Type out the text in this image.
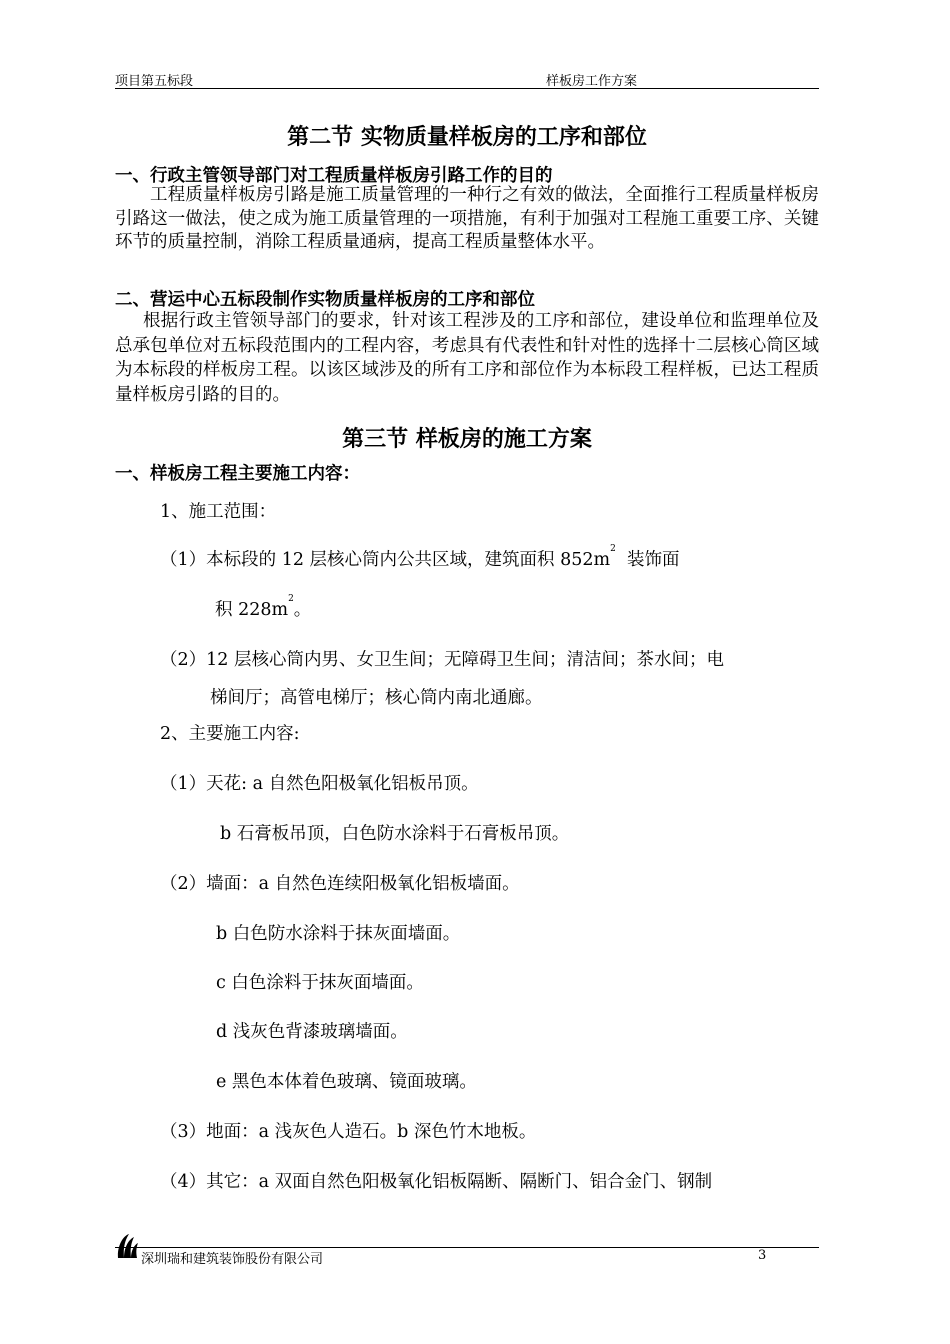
项目第五标段	样板房工作方案
第二节 实物质量样板房的工序和部位
一、行政主管领导部门对工程质量样板房引路工作的目的
工程质量样板房引路是施工质量管理的一种行之有效的做法，全面推行工程质量样板房引路这一做法，使之成为施工质量管理的一项措施，有利于加强对工程施工重要工序、关键环节的质量控制，消除工程质量通病，提高工程质量整体水平。
二、营运中心五标段制作实物质量样板房的工序和部位
根据行政主管领导部门的要求，针对该工程涉及的工序和部位，建设单位和监理单位及总承包单位对五标段范围内的工程内容，考虑具有代表性和针对性的选择十二层核心筒区域为本标段的样板房工程。以该区域涉及的所有工序和部位作为本标段工程样板，已达工程质量样板房引路的目的。
第三节 样板房的施工方案
一、样板房工程主要施工内容：
1、施工范围：
（1）本标段的 12 层核心筒内公共区域，建筑面积 $852m^2$  装饰面
积 $228m^2$。
（2）12 层核心筒内男、女卫生间；无障碍卫生间；清洁间；茶水间；电
梯间厅；高管电梯厅；核心筒内南北通廊。
2、主要施工内容:
（1）天花: a 自然色阳极氧化铝板吊顶。
b 石膏板吊顶，白色防水涂料于石膏板吊顶。
（2）墙面：a 自然色连续阳极氧化铝板墙面。
b 白色防水涂料于抹灰面墙面。
c 白色涂料于抹灰面墙面。
d 浅灰色背漆玻璃墙面。
e 黑色本体着色玻璃、镜面玻璃。
（3）地面：a 浅灰色人造石。b 深色竹木地板。
（4）其它：a 双面自然色阳极氧化铝板隔断、隔断门、铝合金门、钢制
深圳瑞和建筑装饰股份有限公司	3
